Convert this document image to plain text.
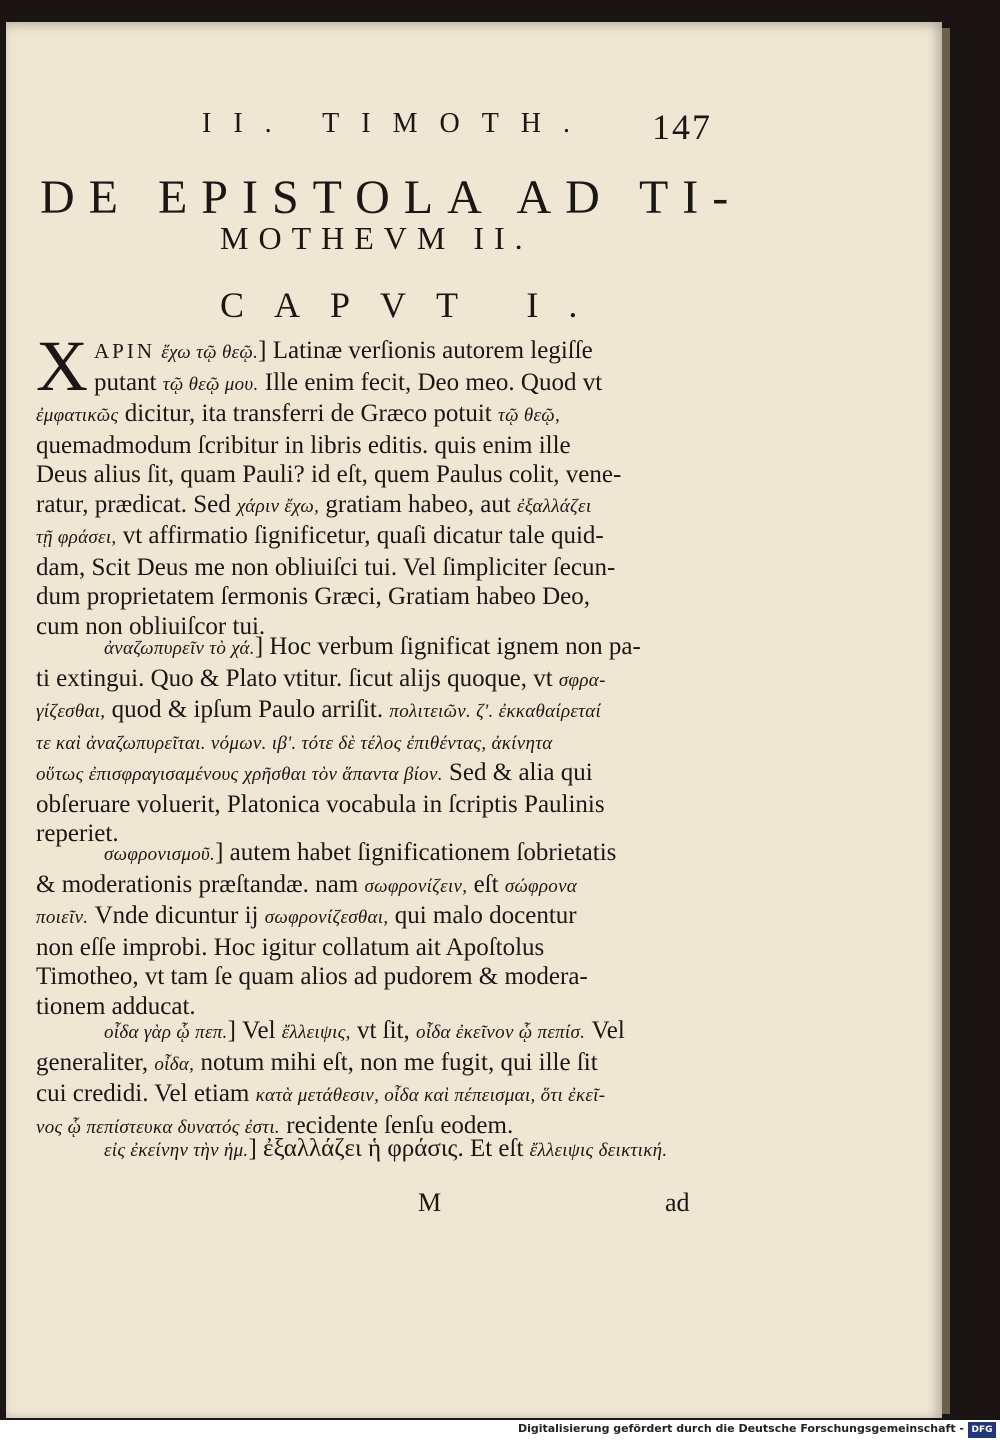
II. TIMOTH. 147
DE EPISTOLA AD TI-
MOTHEVM II.
CAPVT I.
X APIN ἔχω τῷ θεῷ.] Latinæ verſionis autorem legiſſe
putant τῷ θεῷ μου. Ille enim fecit, Deo meo. Quod vt
ἐμφατικῶς dicitur, ita transferri de Græco potuit τῷ θεῷ,
quemadmodum ſcribitur in libris editis. quis enim ille
Deus alius ſit, quam Pauli? id eſt, quem Paulus colit, vene-
ratur, prædicat. Sed χάριν ἔχω, gratiam habeo, aut ἐξαλλάζει
τῇ φράσει, vt affirmatio ſignificetur, quaſi dicatur tale quid-
dam, Scit Deus me non obliuiſci tui. Vel ſimpliciter ſecun-
dum proprietatem ſermonis Græci, Gratiam habeo Deo,
cum non obliuiſcor tui.
ἀναζωπυρεῖν τὸ χά.] Hoc verbum ſignificat ignem non pa-
ti extingui. Quo & Plato vtitur. ſicut alijs quoque, vt σφρα-
γίζεσθαι, quod & ipſum Paulo arriſit. πολιτειῶν. ζ'. ἐκκαθαίρεταί
τε καὶ ἀναζωπυρεῖται. νόμων. ιβ'. τότε δὲ τέλος ἐπιθέντας, ἀκίνητα
οὕτως ἐπισφραγισαμένους χρῆσθαι τὸν ἅπαντα βίον. Sed & alia qui
obſeruare voluerit, Platonica vocabula in ſcriptis Paulinis
reperiet.
σωφρονισμοῦ.] autem habet ſignificationem ſobrietatis
& moderationis præſtandæ. nam σωφρονίζειν, eſt σώφρονα
ποιεῖν. Vnde dicuntur ij σωφρονίζεσθαι, qui malo docentur
non eſſe improbi. Hoc igitur collatum ait Apoſtolus
Timotheo, vt tam ſe quam alios ad pudorem & modera-
tionem adducat.
οἶδα γὰρ ᾧ πεπ.] Vel ἔλλειψις, vt ſit, οἶδα ἐκεῖνον ᾧ πεπίσ. Vel
generaliter, οἶδα, notum mihi eſt, non me fugit, qui ille ſit
cui credidi. Vel etiam κατὰ μετάθεσιν, οἶδα καὶ πέπεισμαι, ὅτι ἐκεῖ-
νος ᾧ πεπίστευκα δυνατός ἐστι. recidente ſenſu eodem.
εἰς ἐκείνην τὴν ἡμ.] ἐξαλλάζει ἡ φράσις. Et eſt ἔλλειψις δεικτική.
M	ad
Digitalisierung gefördert durch die Deutsche Forschungsgemeinschaft - DFG
